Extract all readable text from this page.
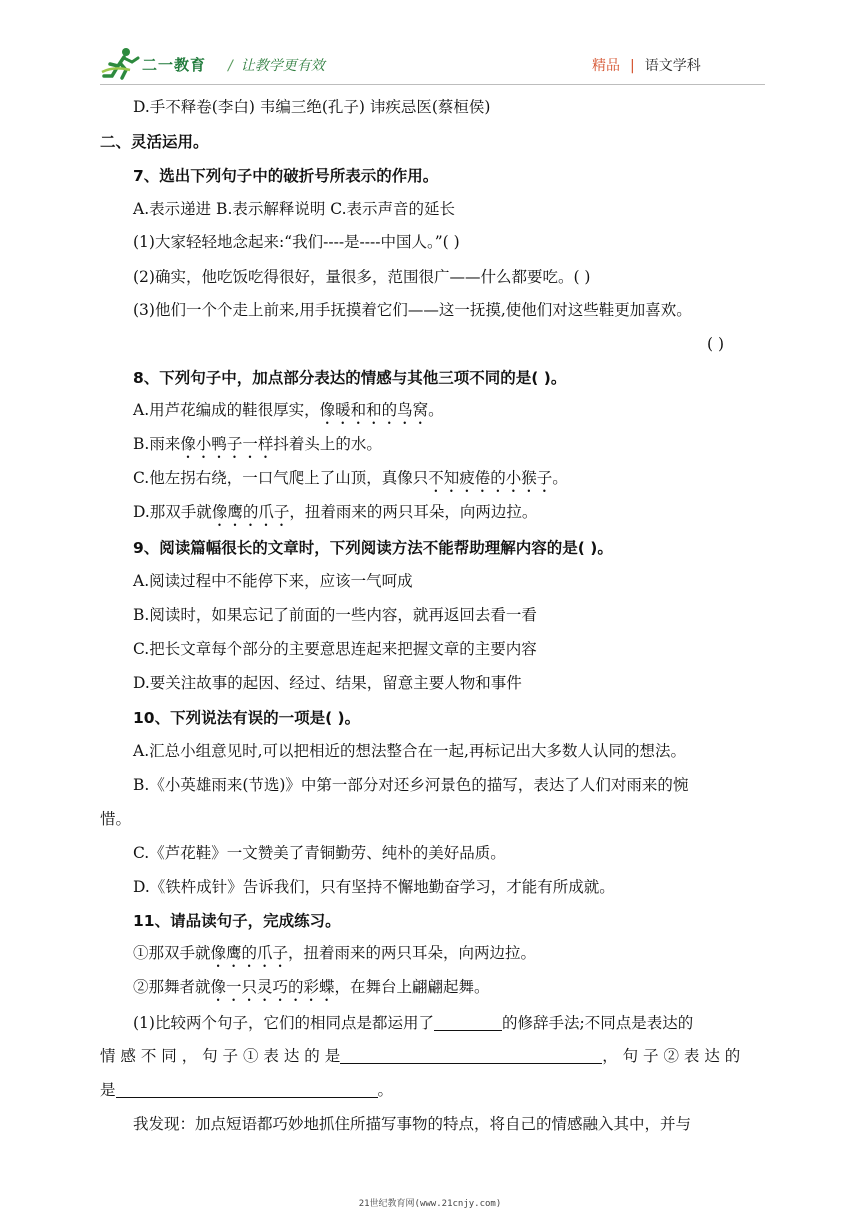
二一教育 / 让教学更有效	精品 | 语文学科
D.手不释卷(李白) 韦编三绝(孔子) 讳疾忌医(蔡桓侯)
二、灵活运用。
7、选出下列句子中的破折号所表示的作用。
A.表示递进 B.表示解释说明 C.表示声音的延长
(1)大家轻轻地念起来:“我们----是----中国人。”( )
(2)确实，他吃饭吃得很好，量很多，范围很广——什么都要吃。( )
(3)他们一个个走上前来,用手抚摸着它们——这一抚摸,使他们对这些鞋更加喜欢。
( )
8、下列句子中，加点部分表达的情感与其他三项不同的是( )。
A.用芦花编成的鞋很厚实，像暖和和的鸟窝。
B.雨来像小鸭子一样抖着头上的水。
C.他左拐右绕，一口气爬上了山顶，真像只不知疲倦的小猴子。
D.那双手就像鹰的爪子，扭着雨来的两只耳朵，向两边拉。
9、阅读篇幅很长的文章时，下列阅读方法不能帮助理解内容的是( )。
A.阅读过程中不能停下来，应该一气呵成
B.阅读时，如果忘记了前面的一些内容，就再返回去看一看
C.把长文章每个部分的主要意思连起来把握文章的主要内容
D.要关注故事的起因、经过、结果，留意主要人物和事件
10、下列说法有误的一项是( )。
A.汇总小组意见时,可以把相近的想法整合在一起,再标记出大多数人认同的想法。
B.《小英雄雨来(节选)》中第一部分对还乡河景色的描写，表达了人们对雨来的惋
惜。
C.《芦花鞋》一文赞美了青铜勤劳、纯朴的美好品质。
D.《铁杵成针》告诉我们，只有坚持不懈地勤奋学习，才能有所成就。
11、请品读句子，完成练习。
①那双手就像鹰的爪子，扭着雨来的两只耳朵，向两边拉。
②那舞者就像一只灵巧的彩蝶，在舞台上翩翩起舞。
(1)比较两个句子，它们的相同点是都运用了	的修辞手法;不同点是表达的
情 感 不 同 ， 句 子 ① 表 达 的 是	， 句 子 ② 表 达 的
是	。
我发现：加点短语都巧妙地抓住所描写事物的特点，将自己的情感融入其中，并与
21世纪教育网(www.21cnjy.com)
